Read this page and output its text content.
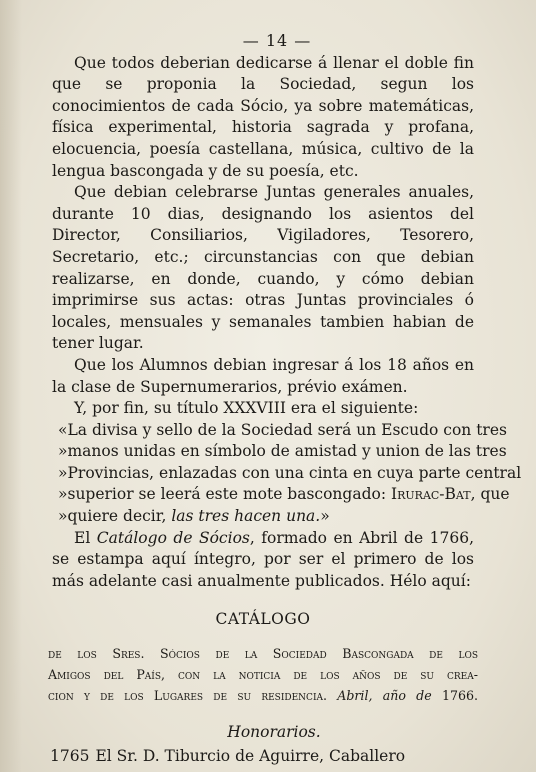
— 14 —

Que todos deberian dedicarse á llenar el doble fin que se proponia la Sociedad, segun los conocimientos de cada Sócio, ya sobre matemáticas, física experimental, historia sagrada y profana, elocuencia, poesía castellana, música, cultivo de la lengua bascongada y de su poesía, etc.

Que debian celebrarse Juntas generales anuales, durante 10 dias, designando los asientos del Director, Consiliarios, Vigiladores, Tesorero, Secretario, etc.; circunstancias con que debian realizarse, en donde, cuando, y cómo debian imprimirse sus actas: otras Juntas provinciales ó locales, mensuales y semanales tambien habian de tener lugar.

Que los Alumnos debian ingresar á los 18 años en la clase de Supernumerarios, prévio exámen.

Y, por fin, su título XXXVIII era el siguiente:

«La divisa y sello de la Sociedad será un Escudo con tres
»manos unidas en símbolo de amistad y union de las tres
»Provincias, enlazadas con una cinta en cuya parte central
»superior se leerá este mote bascongado: Irurac-Bat, que
»quiere decir, las tres hacen una.»

El Catálogo de Sócios, formado en Abril de 1766, se estampa aquí íntegro, por ser el primero de los más adelante casi anualmente publicados. Hélo aquí:

CATÁLOGO
de los Sres. Sócios de la Sociedad Bascongada de los
Amigos del País, con la noticia de los años de su crea-
cion y de los Lugares de su residencia. Abril, año de 1766.
Honorarios.
1765 El Sr. D. Tiburcio de Aguirre, Caballero
